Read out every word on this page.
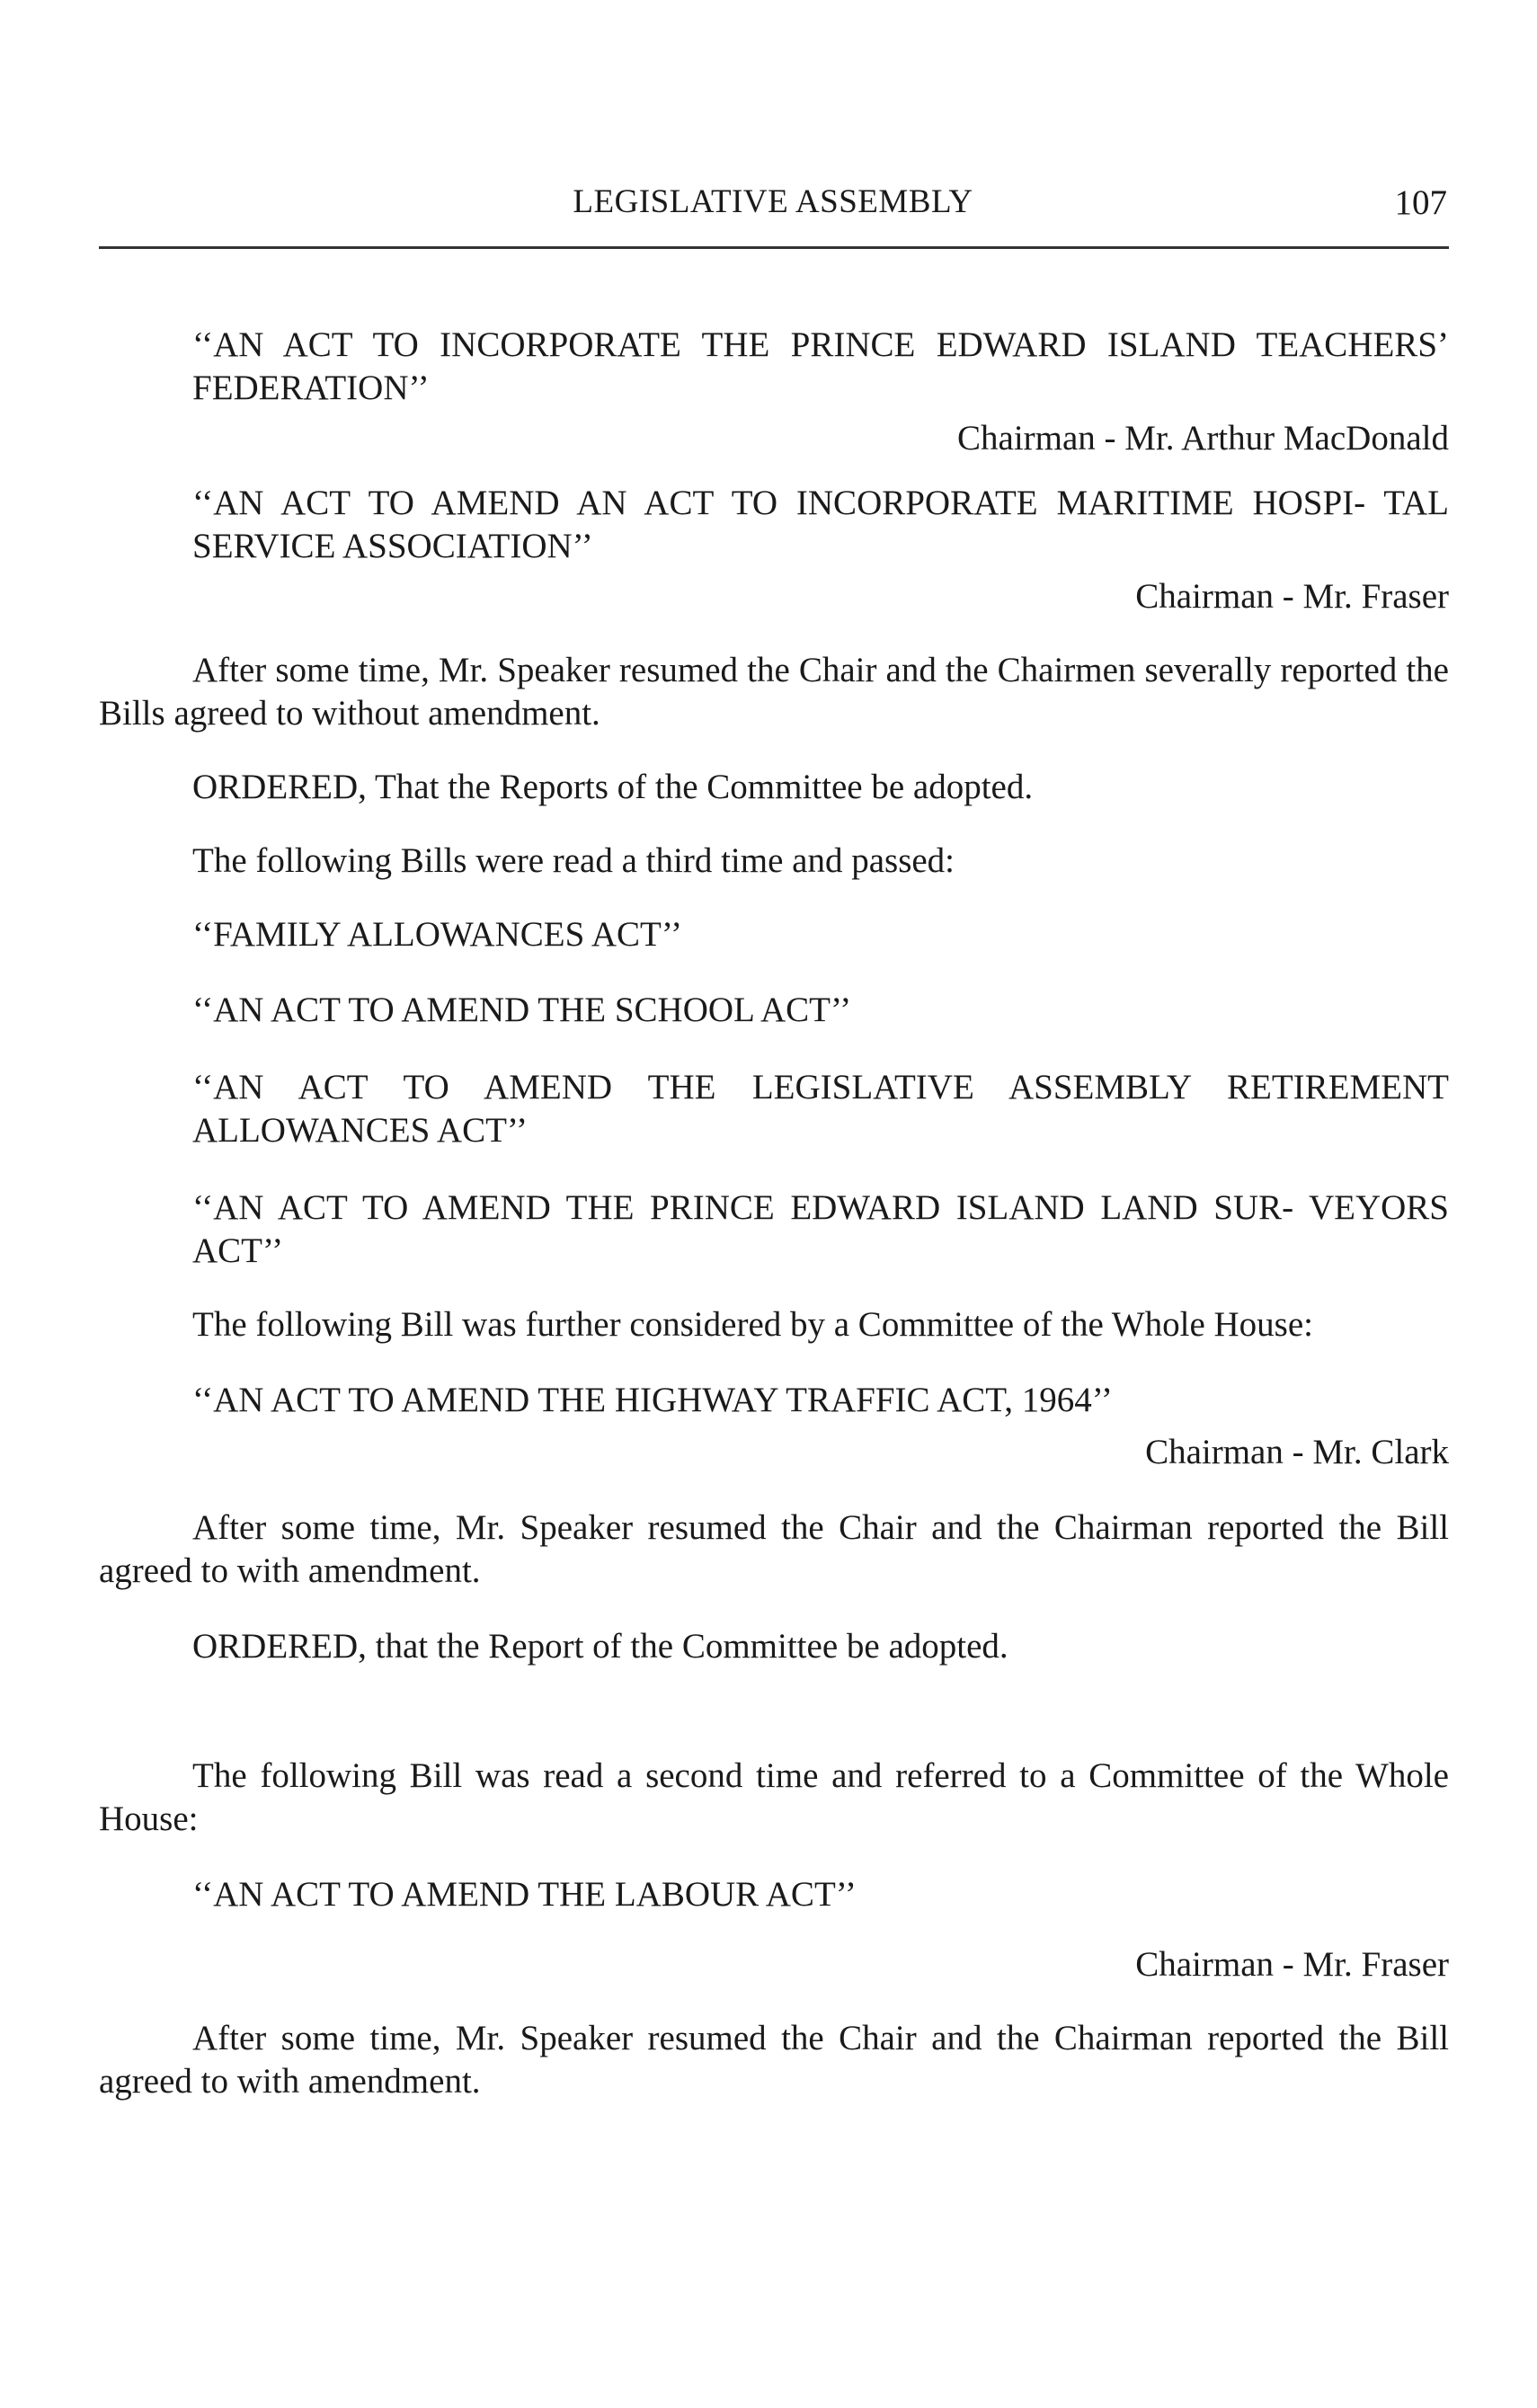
LEGISLATIVE ASSEMBLY	107

‘‘AN ACT TO INCORPORATE THE PRINCE EDWARD ISLAND TEACHERS’ FEDERATION’’

Chairman - Mr. Arthur MacDonald

‘‘AN ACT TO AMEND AN ACT TO INCORPORATE MARITIME HOSPI- TAL SERVICE ASSOCIATION’’

Chairman - Mr. Fraser

After some time, Mr. Speaker resumed the Chair and the Chairmen severally reported the Bills agreed to without amendment.

ORDERED, That the Reports of the Committee be adopted.

The following Bills were read a third time and passed:

‘‘FAMILY ALLOWANCES ACT’’

‘‘AN ACT TO AMEND THE SCHOOL ACT’’

‘‘AN ACT TO AMEND THE LEGISLATIVE ASSEMBLY RETIREMENT ALLOWANCES ACT’’

‘‘AN ACT TO AMEND THE PRINCE EDWARD ISLAND LAND SUR- VEYORS ACT’’

The following Bill was further considered by a Committee of the Whole House:

‘‘AN ACT TO AMEND THE HIGHWAY TRAFFIC ACT, 1964’’

Chairman - Mr. Clark

After some time, Mr. Speaker resumed the Chair and the Chairman reported the Bill agreed to with amendment.

ORDERED, that the Report of the Committee be adopted.

The following Bill was read a second time and referred to a Committee of the Whole House:

‘‘AN ACT TO AMEND THE LABOUR ACT’’

Chairman - Mr. Fraser

After some time, Mr. Speaker resumed the Chair and the Chairman reported the Bill agreed to with amendment.
